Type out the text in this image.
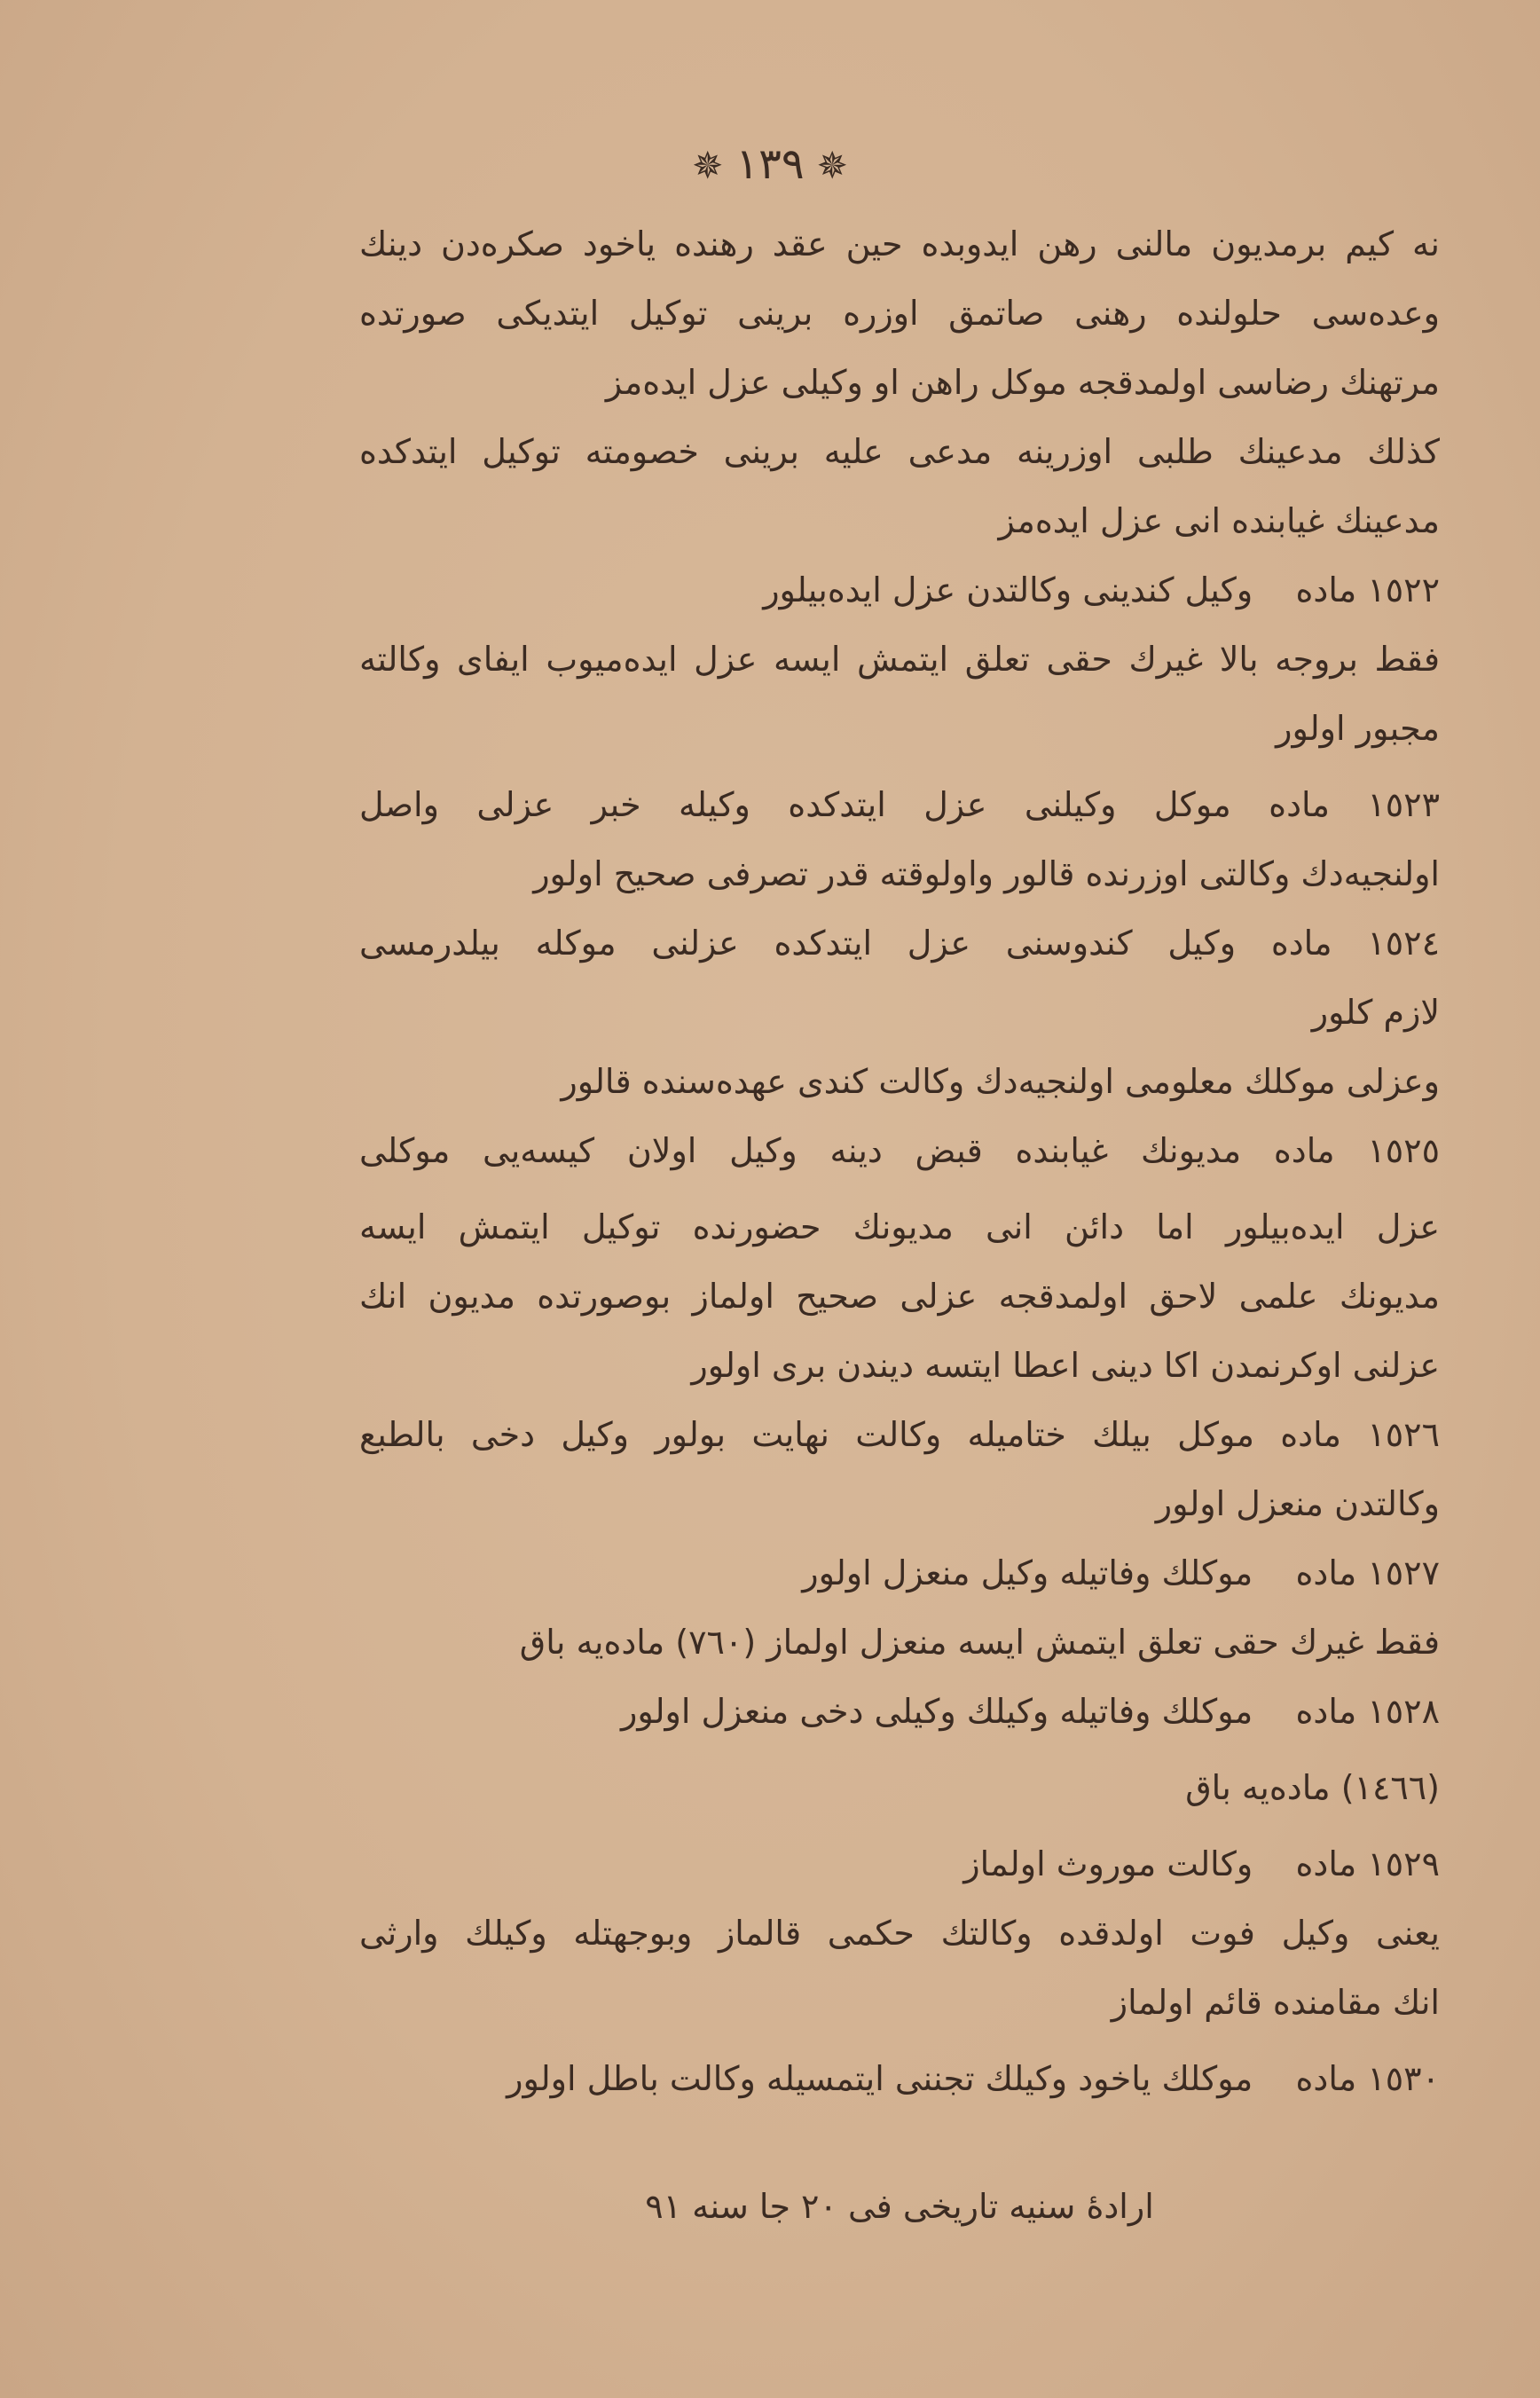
✵١٣٩✵
نه کیم برمدیون مالنی رهن ایدوبده حین عقد رهنده یاخود صکره‌دن دینك
وعده‌سی حلولنده رهنی صاتمق اوزره برینی توکیل ایتدیکی صورتده
مرتهنك رضاسی اولمدقجه موکل راهن او وکیلی عزل ایده‌مز
کذلك مدعینك طلبی اوزرینه مدعی علیه برینی خصومته توکیل ایتدکده
مدعینك غیابنده انی عزل ایده‌مز
١٥٢٢ ماده    وکیل کندینی وکالتدن عزل ایده‌بیلور
فقط بروجه بالا غیرك حقی تعلق ایتمش ایسه عزل ایده‌میوب ایفای وکالته
مجبور اولور
١٥٢٣ ماده موکل وکیلنی عزل ایتدکده وکیله خبر عزلی واصل
اولنجیه‌دك وکالتی اوزرنده قالور واولوقته قدر تصرفی صحیح اولور
١٥٢٤ ماده وکیل کندوسنی عزل ایتدکده عزلنی موکله بیلدرمسی
لازم کلور
وعزلی موکلك معلومی اولنجیه‌دك وکالت کندی عهده‌سنده قالور
١٥٢٥ ماده مدیونك غیابنده قبض دینه وکیل اولان کیسه‌یی موکلی
عزل ایده‌بیلور اما دائن انی مدیونك حضورنده توکیل ایتمش ایسه
مدیونك علمی لاحق اولمدقجه عزلی صحیح اولماز بوصورتده مدیون انك
عزلنی اوکرنمدن اکا دینی اعطا ایتسه دیندن بری اولور
١٥٢٦ ماده موکل بیلك ختامیله وکالت نهایت بولور وکیل دخی بالطبع
وکالتدن منعزل اولور
١٥٢٧ ماده    موکلك وفاتیله وکیل منعزل اولور
فقط غیرك حقی تعلق ایتمش ایسه منعزل اولماز (٧٦٠) ماده‌یه باق
١٥٢٨ ماده    موکلك وفاتیله وکیلك وکیلی دخی منعزل اولور
(١٤٦٦) ماده‌یه باق
١٥٢٩ ماده    وکالت موروث اولماز
یعنی وکیل فوت اولدقده وکالتك حکمی قالماز وبوجهتله وکیلك وارثی
انك مقامنده قائم اولماز
١٥٣٠ ماده    موکلك یاخود وکیلك تجننی ایتمسیله وکالت باطل اولور
ارادهٔ سنیه تاریخی فی ٢٠ جا سنه ٩١
